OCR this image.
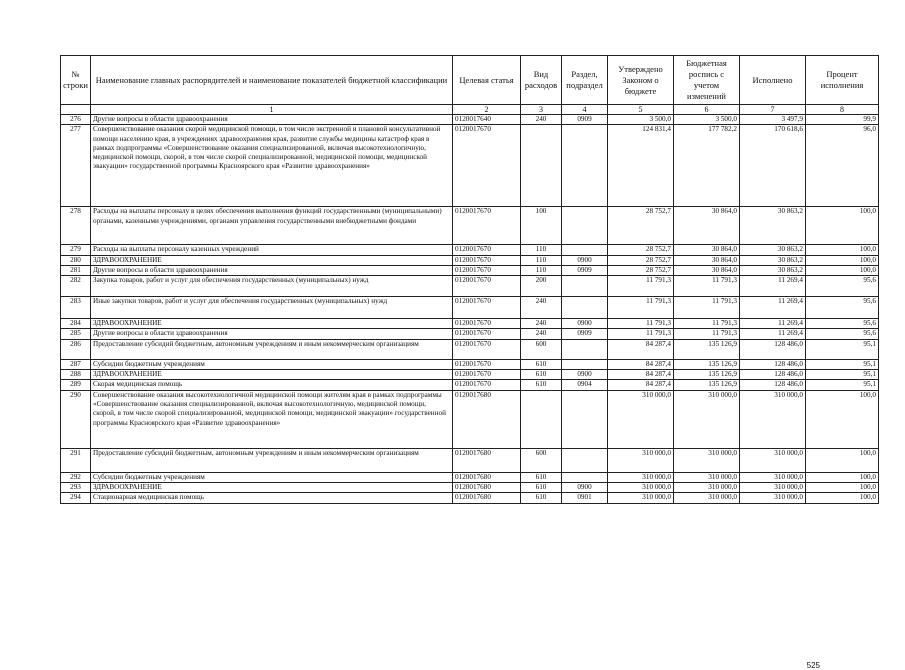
№ строки	Наименование главных распорядителей и наименование показателей бюджетной классификации	Целевая статья	Вид расходов	Раздел, подраздел	Утверждено Законом о бюджете	Бюджетная роспись с учетом изменений	Исполнено	Процент исполнения
	1	2	3	4	5	6	7	8
276	Другие вопросы в области здравоохранения	0120017640	240	0909	3 500,0	3 500,0	3 497,9	99,9
277	Совершенствование оказания скорой медицинской помощи, в том числе экстренной и плановой консультативной помощи населению края, в учреждениях здравоохранения края, развитие службы медицины катастроф края в рамках подпрограммы «Совершенствование оказания специализированной, включая высокотехнологичную, медицинской помощи, скорой, в том числе скорой специализированной, медицинской помощи, медицинской эвакуации» государственной программы Красноярского края «Развитие здравоохранения»	0120017670			124 831,4	177 782,2	170 618,6	96,0
278	Расходы на выплаты персоналу в целях обеспечения выполнения функций государственными (муниципальными) органами, казенными учреждениями, органами управления государственными внебюджетными фондами	0120017670	100		28 752,7	30 864,0	30 863,2	100,0
279	Расходы на выплаты персоналу казенных учреждений	0120017670	110		28 752,7	30 864,0	30 863,2	100,0
280	ЗДРАВООХРАНЕНИЕ	0120017670	110	0900	28 752,7	30 864,0	30 863,2	100,0
281	Другие вопросы в области здравоохранения	0120017670	110	0909	28 752,7	30 864,0	30 863,2	100,0
282	Закупка товаров, работ и услуг для обеспечения государственных (муниципальных) нужд	0120017670	200		11 791,3	11 791,3	11 269,4	95,6
283	Иные закупки товаров, работ и услуг для обеспечения государственных (муниципальных) нужд	0120017670	240		11 791,3	11 791,3	11 269,4	95,6
284	ЗДРАВООХРАНЕНИЕ	0120017670	240	0900	11 791,3	11 791,3	11 269,4	95,6
285	Другие вопросы в области здравоохранения	0120017670	240	0909	11 791,3	11 791,3	11 269,4	95,6
286	Предоставление субсидий бюджетным, автономным учреждениям и иным некоммерческим организациям	0120017670	600		84 287,4	135 126,9	128 486,0	95,1
287	Субсидии бюджетным учреждениям	0120017670	610		84 287,4	135 126,9	128 486,0	95,1
288	ЗДРАВООХРАНЕНИЕ	0120017670	610	0900	84 287,4	135 126,9	128 486,0	95,1
289	Скорая медицинская помощь	0120017670	610	0904	84 287,4	135 126,9	128 486,0	95,1
290	Совершенствование оказания высокотехнологичной медицинской помощи жителям края в рамках подпрограммы «Совершенствование оказания специализированной, включая высокотехнологичную, медицинской помощи, скорой, в том числе скорой специализированной, медицинской помощи, медицинской эвакуации» государственной программы Красноярского края «Развитие здравоохранения»	0120017680			310 000,0	310 000,0	310 000,0	100,0
291	Предоставление субсидий бюджетным, автономным учреждениям и иным некоммерческим организациям	0120017680	600		310 000,0	310 000,0	310 000,0	100,0
292	Субсидии бюджетным учреждениям	0120017680	610		310 000,0	310 000,0	310 000,0	100,0
293	ЗДРАВООХРАНЕНИЕ	0120017680	610	0900	310 000,0	310 000,0	310 000,0	100,0
294	Стационарная медицинская помощь	0120017680	610	0901	310 000,0	310 000,0	310 000,0	100,0
525
